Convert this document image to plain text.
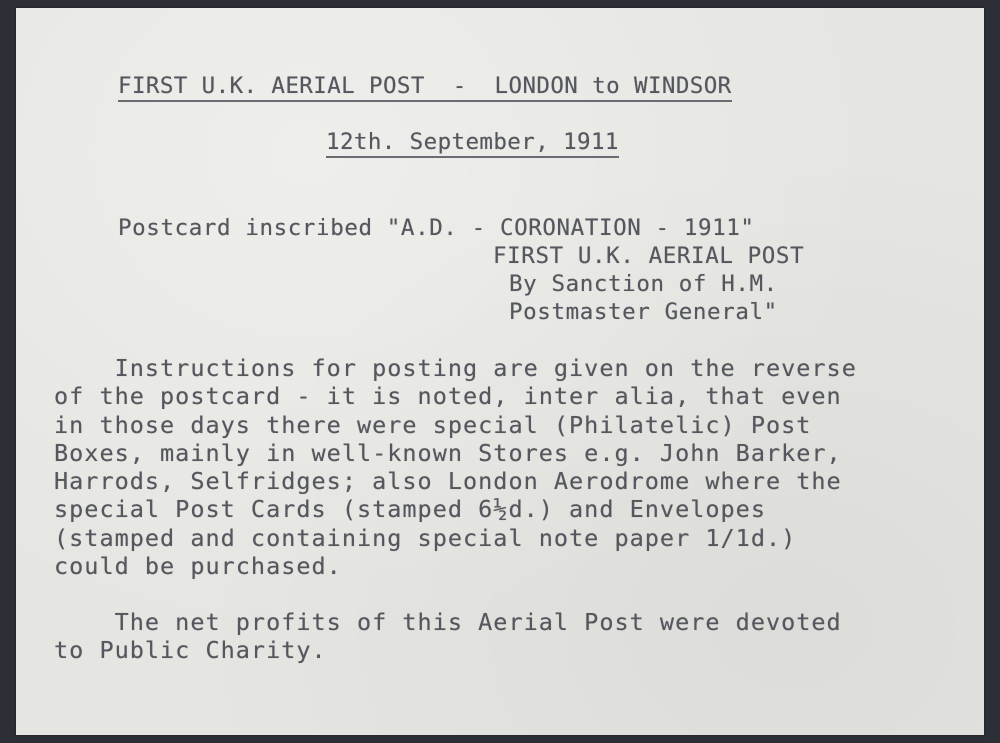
FIRST U.K. AERIAL POST  -  LONDON to WINDSOR
12th. September, 1911
Postcard inscribed "A.D. - CORONATION - 1911"
FIRST U.K. AERIAL POST
By Sanction of H.M.
Postmaster General"
Instructions for posting are given on the reverse
of the postcard - it is noted, inter alia, that even
in those days there were special (Philatelic) Post
Boxes, mainly in well-known Stores e.g. John Barker,
Harrods, Selfridges; also London Aerodrome where the
special Post Cards (stamped 6½d.) and Envelopes
(stamped and containing special note paper 1/1d.)
could be purchased.
The net profits of this Aerial Post were devoted
to Public Charity.
